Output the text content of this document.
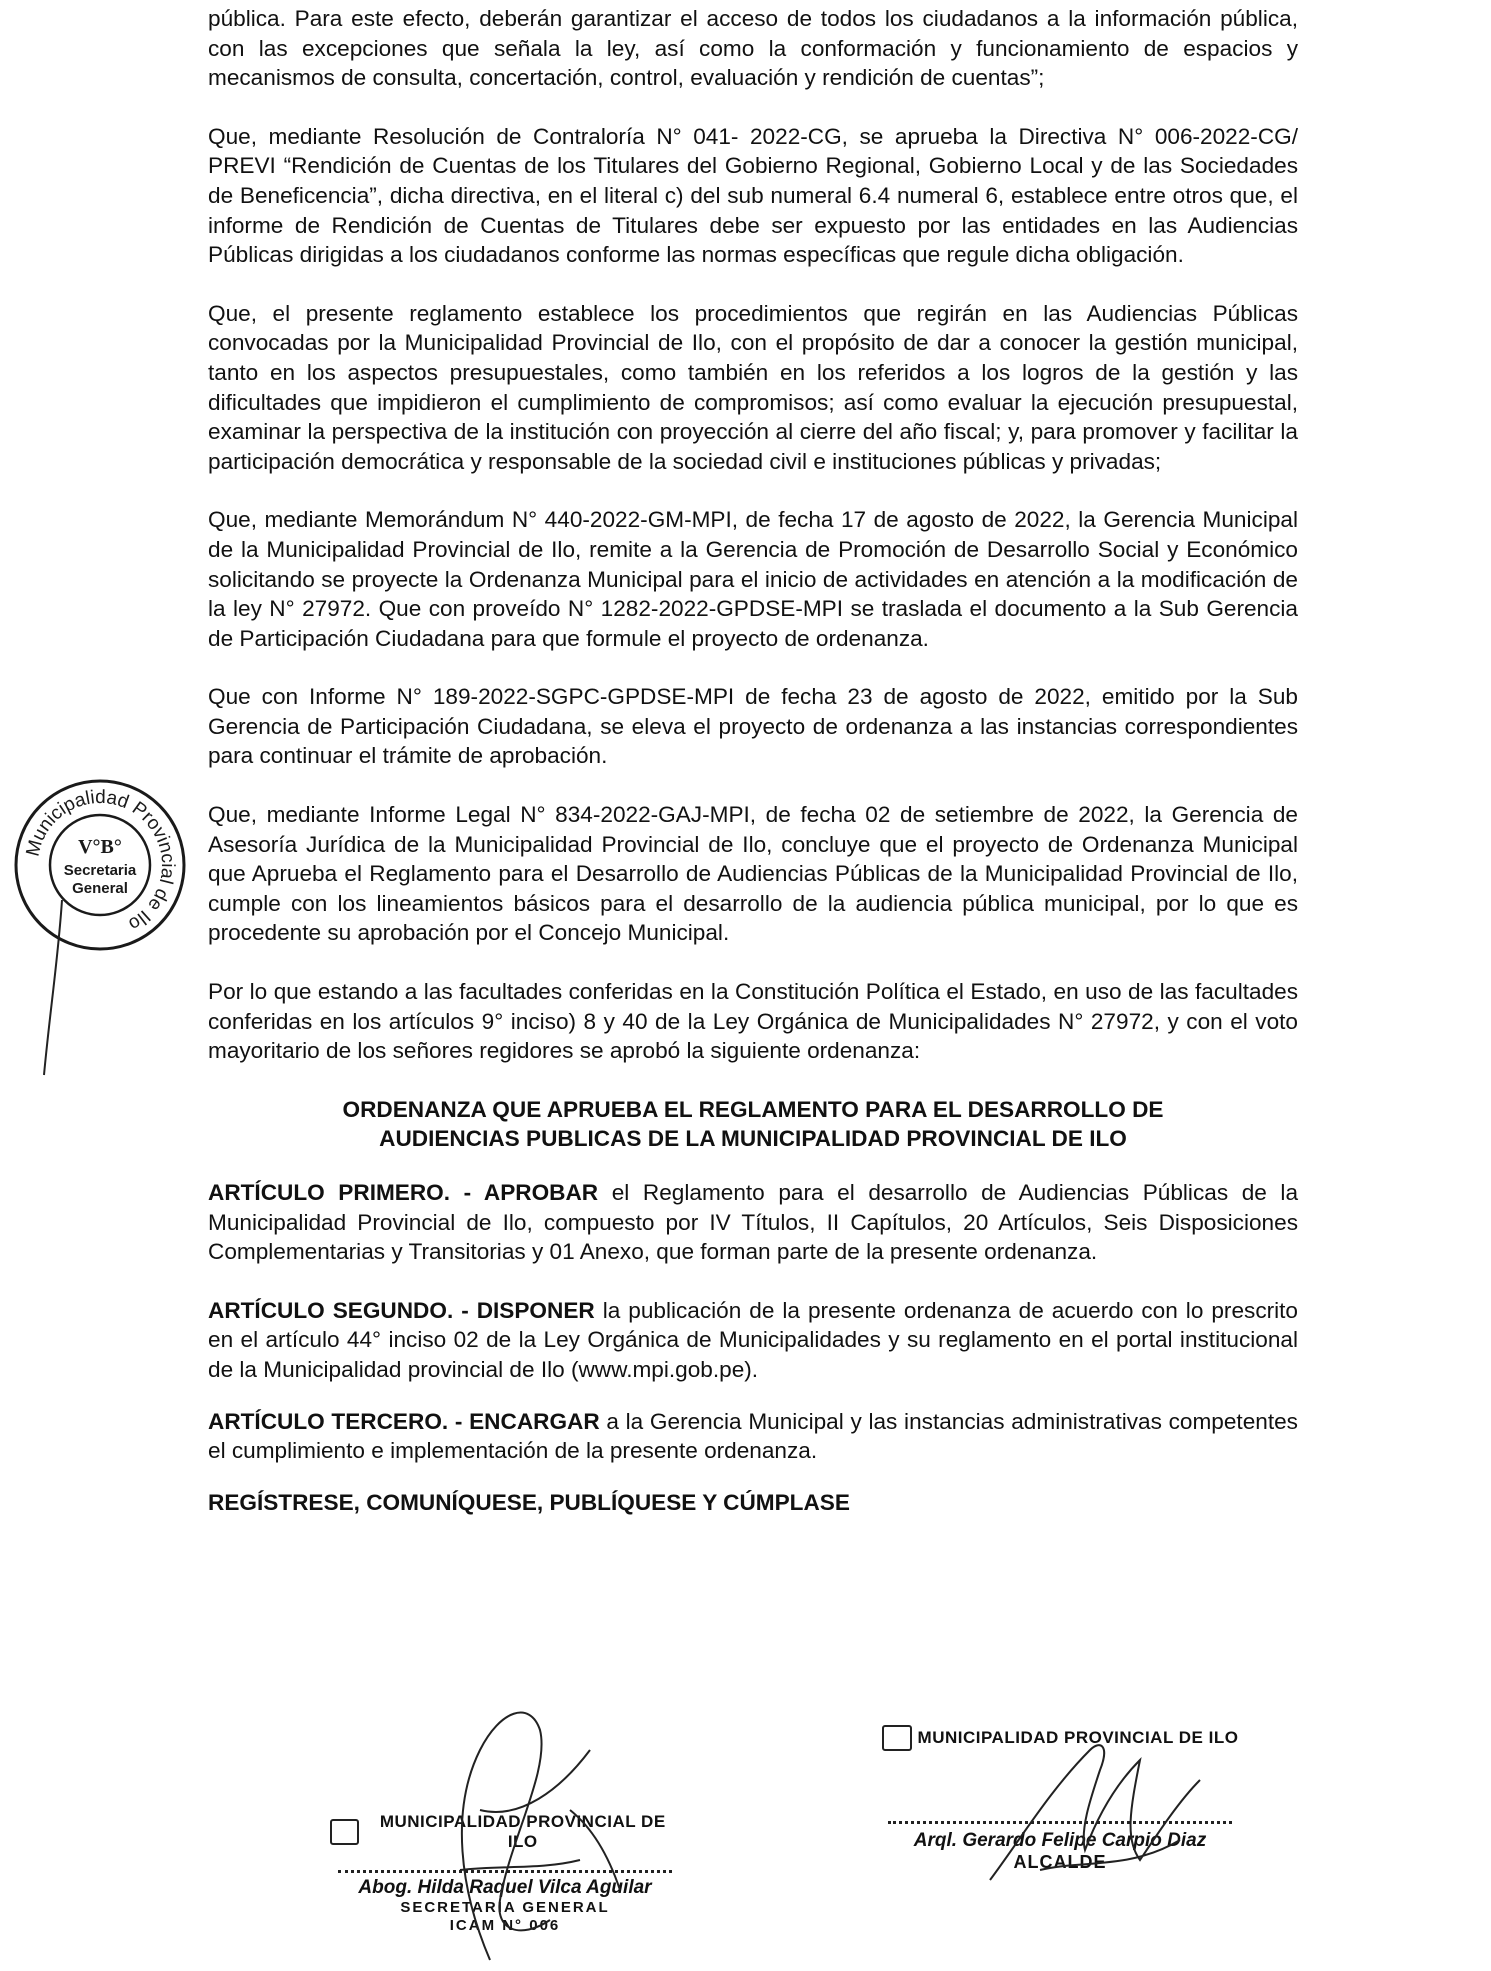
pública. Para este efecto, deberán garantizar el acceso de todos los ciudadanos a la información pública, con las excepciones que señala la ley, así como la conformación y funcionamiento de espacios y mecanismos de consulta, concertación, control, evaluación y rendición de cuentas”;

Que, mediante Resolución de Contraloría N° 041- 2022-CG, se aprueba la Directiva N° 006-2022-CG/ PREVI “Rendición de Cuentas de los Titulares del Gobierno Regional, Gobierno Local y de las Sociedades de Beneficencia”, dicha directiva, en el literal c) del sub numeral 6.4 numeral 6, establece entre otros que, el informe de Rendición de Cuentas de Titulares debe ser expuesto por las entidades en las Audiencias Públicas dirigidas a los ciudadanos conforme las normas específicas que regule dicha obligación.

Que, el presente reglamento establece los procedimientos que regirán en las Audiencias Públicas convocadas por la Municipalidad Provincial de Ilo, con el propósito de dar a conocer la gestión municipal, tanto en los aspectos presupuestales, como también en los referidos a los logros de la gestión y las dificultades que impidieron el cumplimiento de compromisos; así como evaluar la ejecución presupuestal, examinar la perspectiva de la institución con proyección al cierre del año fiscal; y, para promover y facilitar la participación democrática y responsable de la sociedad civil e instituciones públicas y privadas;

Que, mediante Memorándum N° 440-2022-GM-MPI, de fecha 17 de agosto de 2022, la Gerencia Municipal de la Municipalidad Provincial de Ilo, remite a la Gerencia de Promoción de Desarrollo Social y Económico solicitando se proyecte la Ordenanza Municipal para el inicio de actividades en atención a la modificación de la ley N° 27972. Que con proveído N° 1282-2022-GPDSE-MPI se traslada el documento a la Sub Gerencia de Participación Ciudadana para que formule el proyecto de ordenanza.

Que con Informe N° 189-2022-SGPC-GPDSE-MPI de fecha 23 de agosto de 2022, emitido por la Sub Gerencia de Participación Ciudadana, se eleva el proyecto de ordenanza a las instancias correspondientes para continuar el trámite de aprobación.

Que, mediante Informe Legal N° 834-2022-GAJ-MPI, de fecha 02 de setiembre de 2022, la Gerencia de Asesoría Jurídica de la Municipalidad Provincial de Ilo, concluye que el proyecto de Ordenanza Municipal que Aprueba el Reglamento para el Desarrollo de Audiencias Públicas de la Municipalidad Provincial de Ilo, cumple con los lineamientos básicos para el desarrollo de la audiencia pública municipal, por lo que es procedente su aprobación por el Concejo Municipal.

Por lo que estando a las facultades conferidas en la Constitución Política el Estado, en uso de las facultades conferidas en los artículos 9° inciso) 8 y 40 de la Ley Orgánica de Municipalidades N° 27972, y con el voto mayoritario de los señores regidores se aprobó la siguiente ordenanza:

ORDENANZA QUE APRUEBA EL REGLAMENTO PARA EL DESARROLLO DE
AUDIENCIAS PUBLICAS DE LA MUNICIPALIDAD PROVINCIAL DE ILO

ARTÍCULO PRIMERO. - APROBAR el Reglamento para el desarrollo de Audiencias Públicas de la Municipalidad Provincial de Ilo, compuesto por IV Títulos, II Capítulos, 20 Artículos, Seis Disposiciones Complementarias y Transitorias y 01 Anexo, que forman parte de la presente ordenanza.

ARTÍCULO SEGUNDO. - DISPONER la publicación de la presente ordenanza de acuerdo con lo prescrito en el artículo 44° inciso 02 de la Ley Orgánica de Municipalidades y su reglamento en el portal institucional de la Municipalidad provincial de Ilo (www.mpi.gob.pe).

ARTÍCULO TERCERO. - ENCARGAR a la Gerencia Municipal y las instancias administrativas competentes el cumplimiento e implementación de la presente ordenanza.

REGÍSTRESE, COMUNÍQUESE, PUBLÍQUESE Y CÚMPLASE
Municipalidad Provincial de Ilo
V°B°
Secretaria
General
MUNICIPALIDAD PROVINCIAL DE ILO
Abog. Hilda Raquel Vilca Aguilar
SECRETARIA GENERAL
ICAM N° 006
MUNICIPALIDAD PROVINCIAL DE ILO
Arql. Gerardo Felipe Carpio Diaz
ALCALDE
